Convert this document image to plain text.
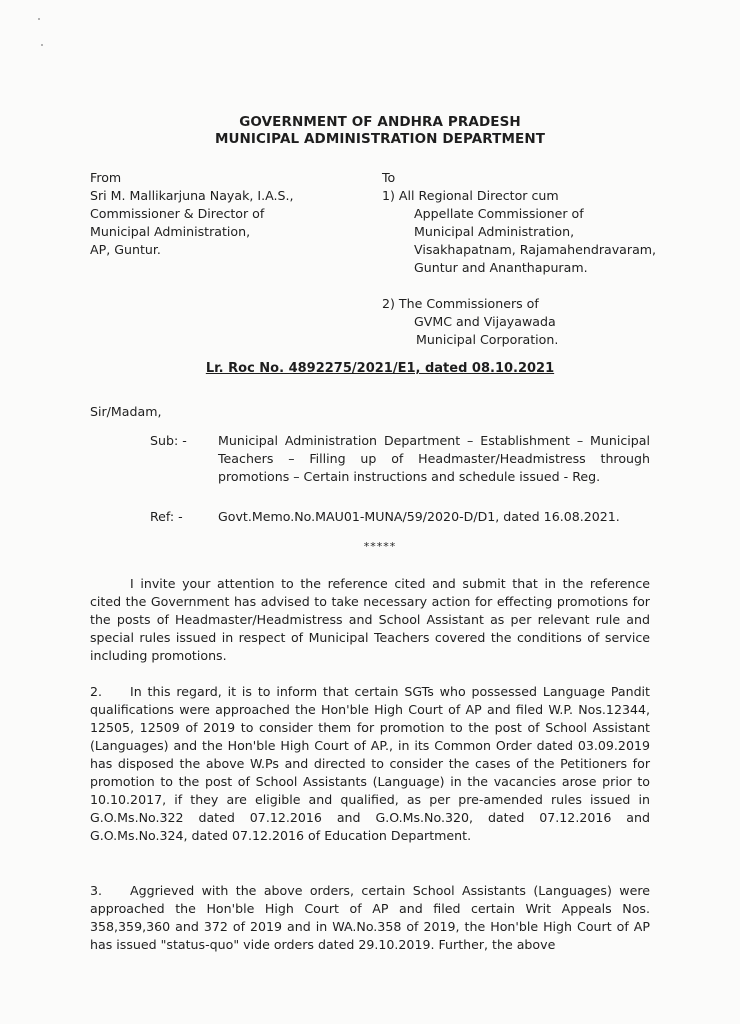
GOVERNMENT OF ANDHRA PRADESH
MUNICIPAL ADMINISTRATION DEPARTMENT
From
Sri M. Mallikarjuna Nayak, I.A.S.,
Commissioner & Director of
Municipal Administration,
AP, Guntur.
To
1) All Regional Director cum
Appellate Commissioner of
Municipal Administration,
Visakhapatnam, Rajamahendravaram,
Guntur and Ananthapuram.
2) The Commissioners of
GVMC and Vijayawada
Municipal Corporation.
Lr. Roc No. 4892275/2021/E1, dated 08.10.2021
Sir/Madam,
Sub: - Municipal Administration Department – Establishment – Municipal Teachers – Filling up of Headmaster/Headmistress through promotions – Certain instructions and schedule issued - Reg.
Ref: -	Govt.Memo.No.MAU01-MUNA/59/2020-D/D1, dated 16.08.2021.
*****
I invite your attention to the reference cited and submit that in the reference cited the Government has advised to take necessary action for effecting promotions for the posts of Headmaster/Headmistress and School Assistant as per relevant rule and special rules issued in respect of Municipal Teachers covered the conditions of service including promotions.
2. In this regard, it is to inform that certain SGTs who possessed Language Pandit qualifications were approached the Hon'ble High Court of AP and filed W.P. Nos.12344, 12505, 12509 of 2019 to consider them for promotion to the post of School Assistant (Languages) and the Hon'ble High Court of AP., in its Common Order dated 03.09.2019 has disposed the above W.Ps and directed to consider the cases of the Petitioners for promotion to the post of School Assistants (Language) in the vacancies arose prior to 10.10.2017, if they are eligible and qualified, as per pre-amended rules issued in G.O.Ms.No.322 dated 07.12.2016 and G.O.Ms.No.320, dated 07.12.2016 and G.O.Ms.No.324, dated 07.12.2016 of Education Department.
3. Aggrieved with the above orders, certain School Assistants (Languages) were approached the Hon'ble High Court of AP and filed certain Writ Appeals Nos. 358,359,360 and 372 of 2019 and in WA.No.358 of 2019, the Hon'ble High Court of AP has issued "status-quo" vide orders dated 29.10.2019. Further, the above
